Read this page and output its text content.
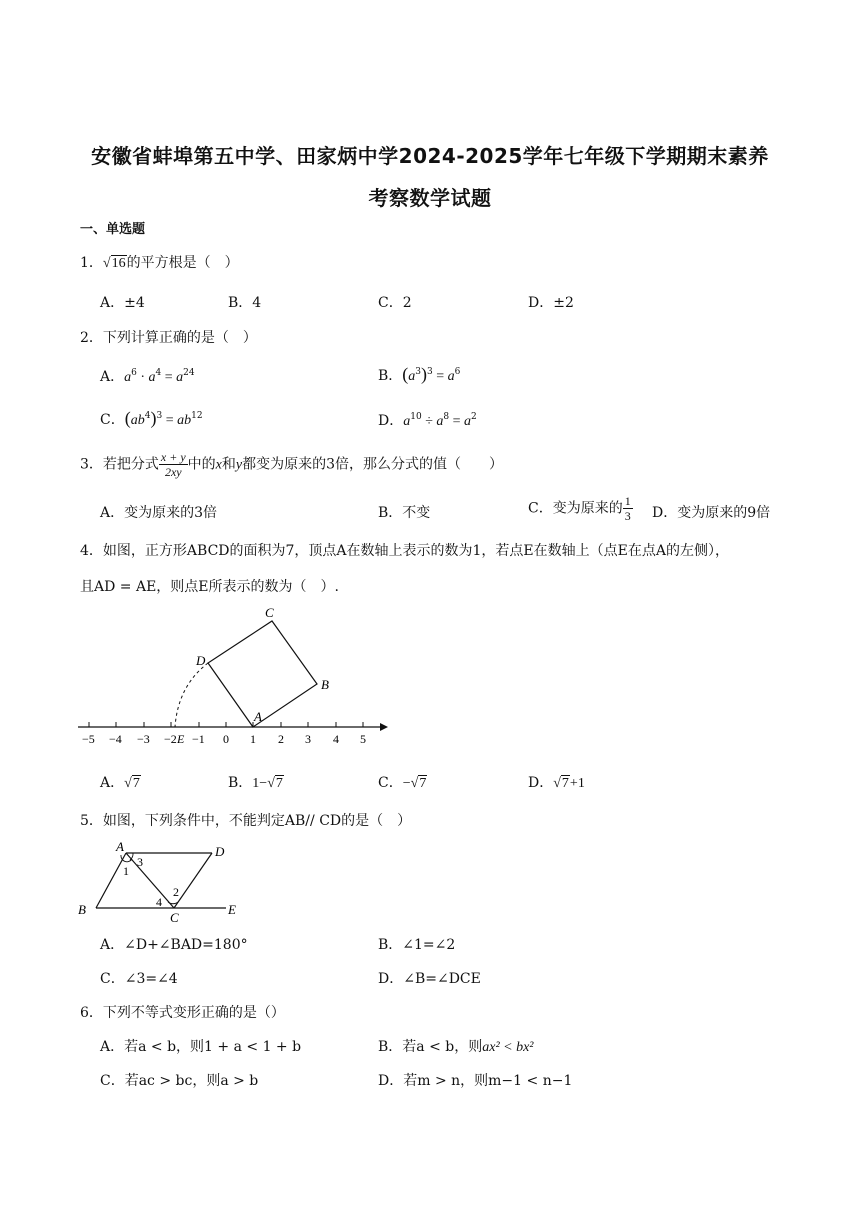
安徽省蚌埠第五中学、田家炳中学2024-2025学年七年级下学期期末素养
考察数学试题
一、单选题
1．√16的平方根是（　）
A．±4	B．4	C．2	D．±2
2．下列计算正确的是（　）
A．$a^6 \cdot a^4 = a^{24}$	B．$(a^3)^3 = a^6$
C．$(ab^4)^3 = ab^{12}$	D．$a^{10} \div a^8 = a^2$
3．若把分式 $\frac{x + y}{2xy}$ 中的x和y都变为原来的3倍，那么分式的值（　　）
A．变为原来的3倍	B．不变	C．变为原来的 $\frac{1}{3}$ D．变为原来的9倍
4．如图，正方形ABCD的面积为7，顶点A在数轴上表示的数为1，若点E在数轴上（点E在点A的左侧），
且AD = AE，则点E所表示的数为（　）.
−5 −4 −3 −2 E −1 0 1 2 3 4 5
A
B
C
D
A．√7	B．1−√7	C．−√7	D．√7+1
5．如图，下列条件中，不能判定AB// CD的是（　）
A
B
C
D
E
1
3
2
4
A．∠D+∠BAD=180°	B．∠1=∠2
C．∠3=∠4	D．∠B=∠DCE
6．下列不等式变形正确的是（）
A．若a < b，则1 + a < 1 + b	B．若a < b，则ax² < bx²
C．若ac > bc，则a > b	D．若m > n，则m−1 < n−1
